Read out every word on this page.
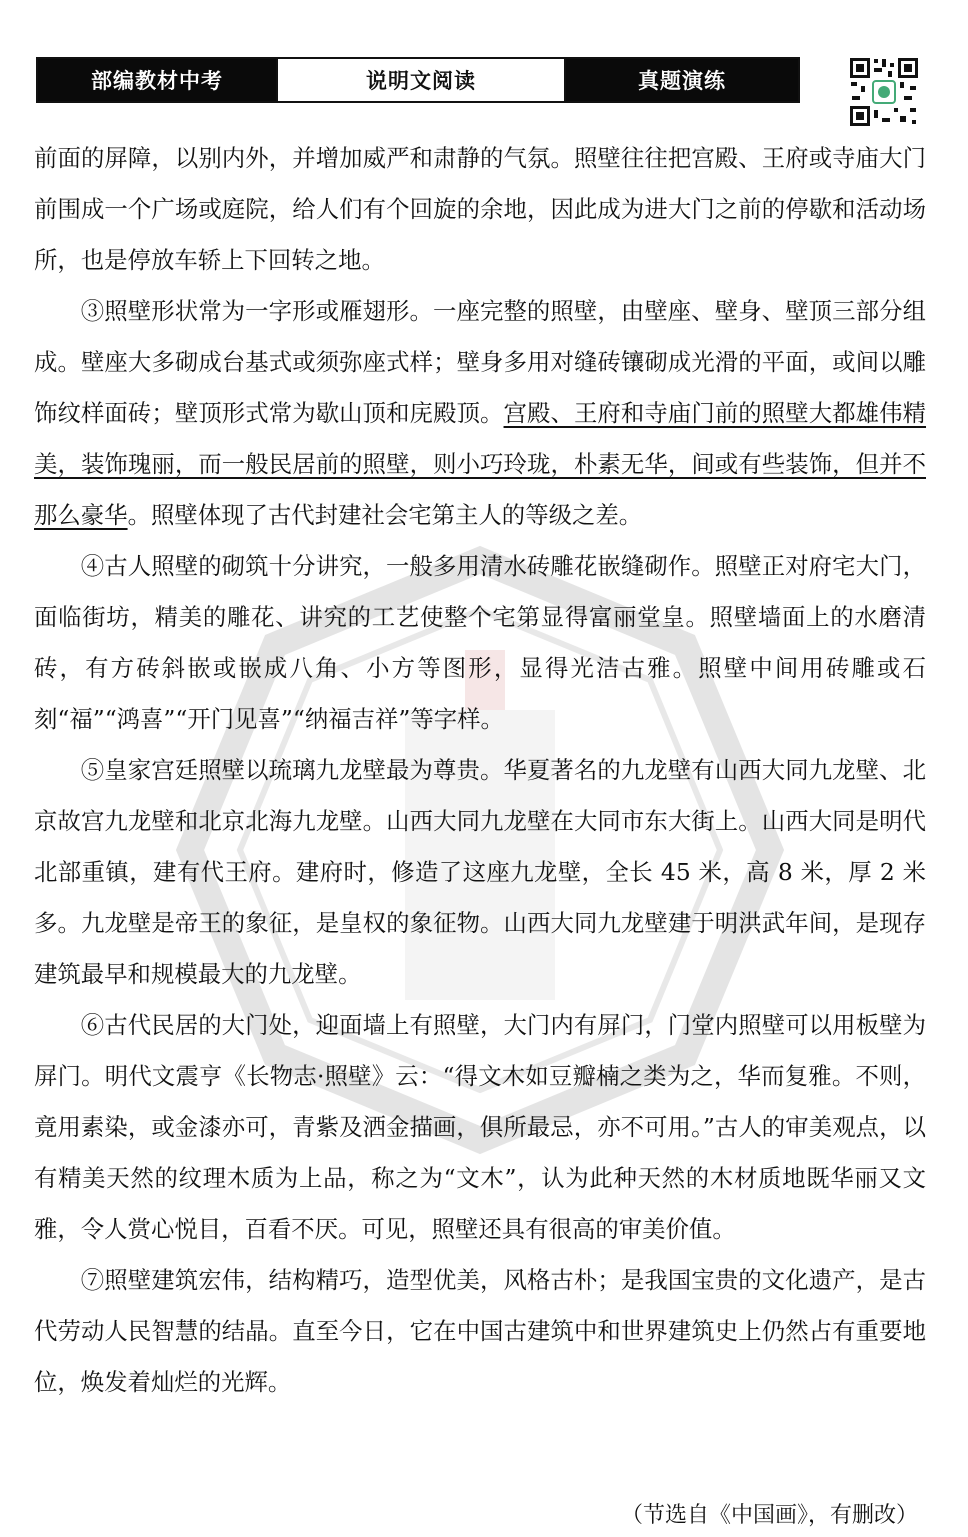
部编教材中考	说明文阅读	真题演练

前面的屏障，以别内外，并增加威严和肃静的气氛。照壁往往把宫殿、王府或寺庙大门前围成一个广场或庭院，给人们有个回旋的余地，因此成为进大门之前的停歇和活动场所，也是停放车轿上下回转之地。

③照壁形状常为一字形或雁翅形。一座完整的照壁，由壁座、壁身、壁顶三部分组成。壁座大多砌成台基式或须弥座式样；壁身多用对缝砖镶砌成光滑的平面，或间以雕饰纹样面砖；壁顶形式常为歇山顶和庑殿顶。宫殿、王府和寺庙门前的照壁大都雄伟精美，装饰瑰丽，而一般民居前的照壁，则小巧玲珑，朴素无华，间或有些装饰，但并不那么豪华。照壁体现了古代封建社会宅第主人的等级之差。

④古人照壁的砌筑十分讲究，一般多用清水砖雕花嵌缝砌作。照壁正对府宅大门，面临街坊，精美的雕花、讲究的工艺使整个宅第显得富丽堂皇。照壁墙面上的水磨清砖，有方砖斜嵌或嵌成八角、小方等图形，显得光洁古雅。照壁中间用砖雕或石刻“福”“鸿喜”“开门见喜”“纳福吉祥”等字样。

⑤皇家宫廷照壁以琉璃九龙壁最为尊贵。华夏著名的九龙壁有山西大同九龙壁、北京故宫九龙壁和北京北海九龙壁。山西大同九龙壁在大同市东大街上。山西大同是明代北部重镇，建有代王府。建府时，修造了这座九龙壁，全长 45 米，高 8 米，厚 2 米多。九龙壁是帝王的象征，是皇权的象征物。山西大同九龙壁建于明洪武年间，是现存建筑最早和规模最大的九龙壁。

⑥古代民居的大门处，迎面墙上有照壁，大门内有屏门，门堂内照壁可以用板壁为屏门。明代文震亨《长物志·照壁》云：“得文木如豆瓣楠之类为之，华而复雅。不则，竟用素染，或金漆亦可，青紫及洒金描画，俱所最忌，亦不可用。”古人的审美观点，以有精美天然的纹理木质为上品，称之为“文木”，认为此种天然的木材质地既华丽又文雅，令人赏心悦目，百看不厌。可见，照壁还具有很高的审美价值。

⑦照壁建筑宏伟，结构精巧，造型优美，风格古朴；是我国宝贵的文化遗产，是古代劳动人民智慧的结晶。直至今日，它在中国古建筑中和世界建筑史上仍然占有重要地位，焕发着灿烂的光辉。

（节选自《中国画》，有删改）
